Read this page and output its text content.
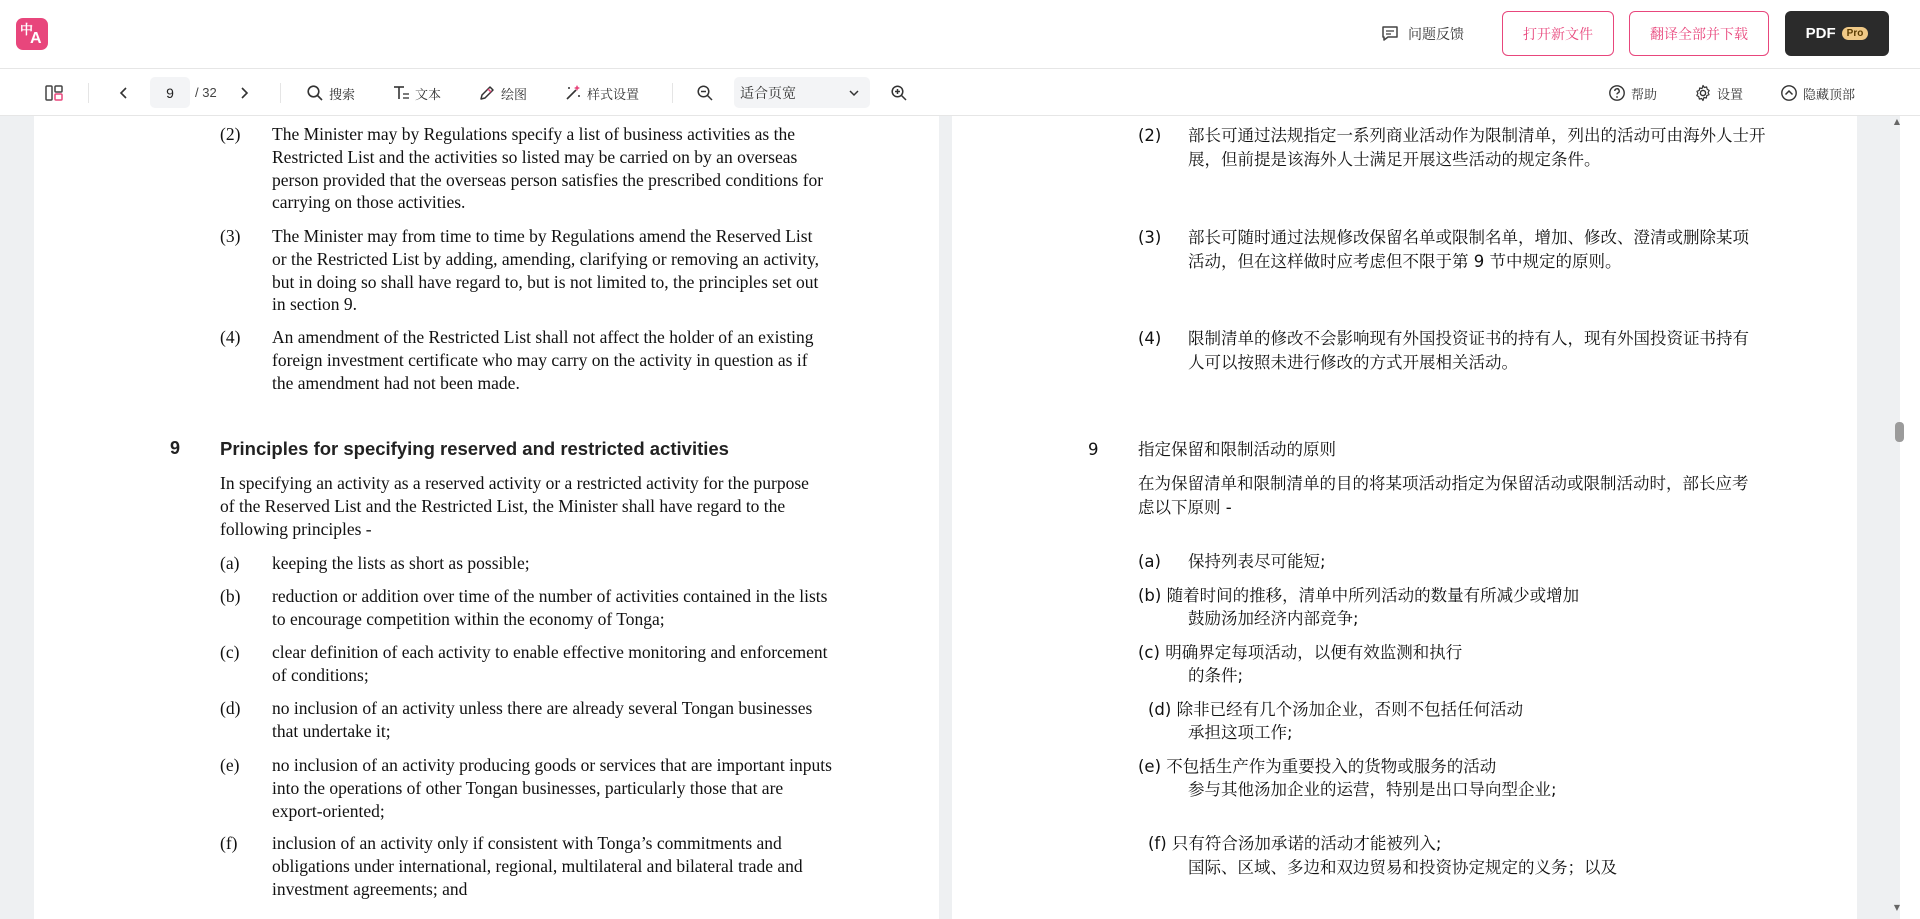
中
A	问题反馈	打开新文件	翻译全部并下载	PDF	Pro
9
/ 32	搜索	文本	绘图	样式设置	适合页宽	帮助	设置	隐藏顶部
(2) The Minister may by Regulations specify a list of business activities as the
Restricted List and the activities so listed may be carried on by an overseas
person provided that the overseas person satisfies the prescribed conditions for
carrying on those activities.
(3) The Minister may from time to time by Regulations amend the Reserved List
or the Restricted List by adding, amending, clarifying or removing an activity,
but in doing so shall have regard to, but is not limited to, the principles set out
in section 9.
(4) An amendment of the Restricted List shall not affect the holder of an existing
foreign investment certificate who may carry on the activity in question as if
the amendment had not been made.
9 Principles for specifying reserved and restricted activities
In specifying an activity as a reserved activity or a restricted activity for the purpose
of the Reserved List and the Restricted List, the Minister shall have regard to the
following principles -
(a) keeping the lists as short as possible;
(b) reduction or addition over time of the number of activities contained in the lists
to encourage competition within the economy of Tonga;
(c) clear definition of each activity to enable effective monitoring and enforcement
of conditions;
(d) no inclusion of an activity unless there are already several Tongan businesses
that undertake it;
(e) no inclusion of an activity producing goods or services that are important inputs
into the operations of other Tongan businesses, particularly those that are
export-oriented;
(f) inclusion of an activity only if consistent with Tonga’s commitments and
obligations under international, regional, multilateral and bilateral trade and
investment agreements; and
(2) 部长可通过法规指定一系列商业活动作为限制清单，列出的活动可由海外人士开
展，但前提是该海外人士满足开展这些活动的规定条件。
(3) 部长可随时通过法规修改保留名单或限制名单，增加、修改、澄清或删除某项
活动，但在这样做时应考虑但不限于第 9 节中规定的原则。
(4) 限制清单的修改不会影响现有外国投资证书的持有人，现有外国投资证书持有
人可以按照未进行修改的方式开展相关活动。
9 指定保留和限制活动的原则
在为保留清单和限制清单的目的将某项活动指定为保留活动或限制活动时，部长应考
虑以下原则 -
(a) 保持列表尽可能短;
(b) 随着时间的推移，清单中所列活动的数量有所减少或增加
鼓励汤加经济内部竞争;
(c) 明确界定每项活动，以便有效监测和执行
的条件;
(d) 除非已经有几个汤加企业，否则不包括任何活动
承担这项工作;
(e) 不包括生产作为重要投入的货物或服务的活动
参与其他汤加企业的运营，特别是出口导向型企业;
(f) 只有符合汤加承诺的活动才能被列入;
国际、区域、多边和双边贸易和投资协定规定的义务；以及
▲
▼
